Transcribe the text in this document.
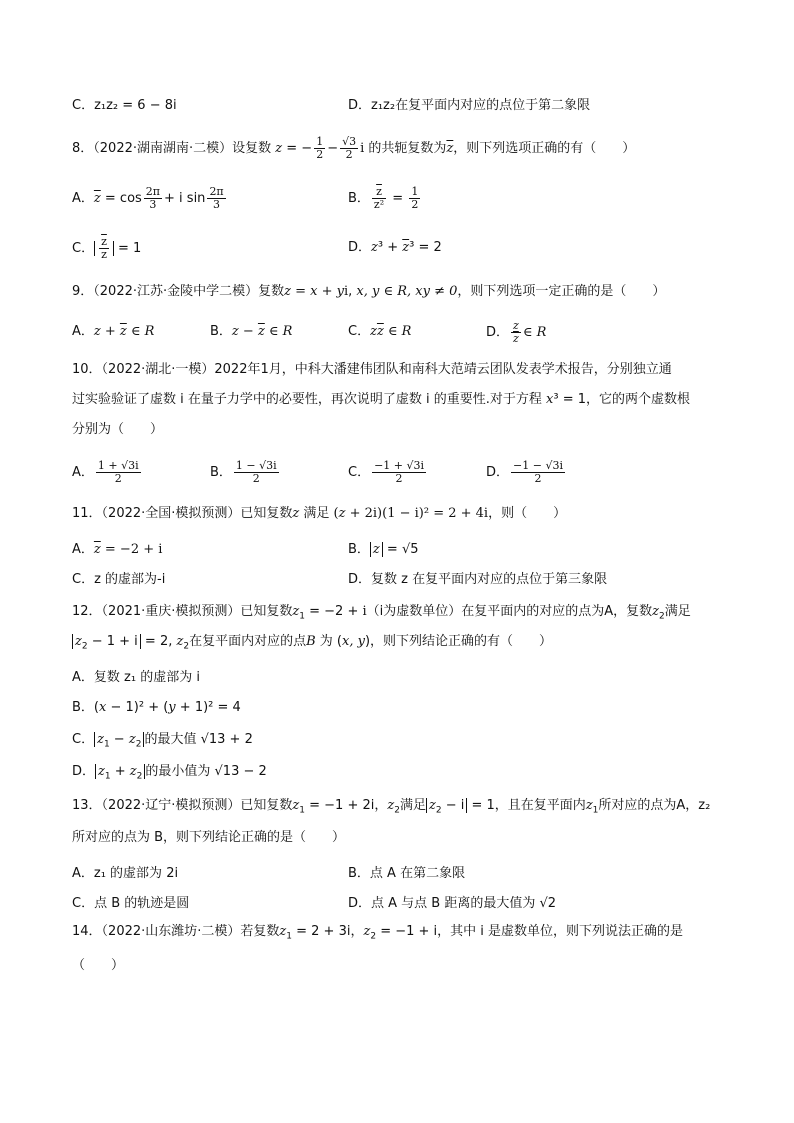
C．z₁z₂ = 6 − 8i	D．z₁z₂在复平面内对应的点位于第二象限
8．（2022·湖南湖南·二模）设复数 z = − $\frac{1}{2} - \frac{√3}{2}$ i 的共轭复数为$\overline{z}$，则下列选项正确的有（　　）
A．$\overline{z} = \cos \frac{2\pi}{3} + i$ $\sin \frac{2\pi}{3}$	B． $\frac{\overline{z}}{\text{z²}} = \frac{1}{2}$
C． $\frac{\overline{z}}{z} = 1$	D．$z^3 + \overline{z}^3 = 2$
9．（2022·江苏·金陵中学二模）复数z = x + yi, x, y ∈ R, xy ≠ 0，则下列选项一定正确的是（　　）
A．$z + \overline{z}$ ∈ R	B．$z - \overline{z}$ ∈ R	C．$z\overline{z}$ ∈ R	D． $\frac{z}{z}$ ∈ R
10．（2022·湖北·一模）2022年1月，中科大潘建伟团队和南科大范靖云团队发表学术报告，分别独立通
过实验验证了虚数 i 在量子力学中的必要性，再次说明了虚数 i 的重要性.对于方程 x³ = 1，它的两个虚数根
分别为（　　）
A． $\frac{1 + √3i}{2}$	B． $\frac{1 - √3i}{2}$	C． $\frac{-1 + √3i}{2}$	D． $\frac{-1 - √3i}{2}$
11．（2022·全国·模拟预测）已知复数z 满足 (z + 2i)(1 − i)² = 2 + 4i，则（　　）
A．$\overline{z} = -2 + i$	B． z = √5
C．z 的虚部为-i	D．复数 z 在复平面内对应的点位于第三象限
12．（2021·重庆·模拟预测）已知复数$z_1 = -2 + i(i$为虚数单位）在复平面内的对应的点为A，复数$z_2$满足
$z_2 - 1 + i = 2$, $z_2$在复平面内对应的点B 为 (x, y)，则下列结论正确的有（　　）
A．复数 z₁ 的虚部为 i
B．(x − 1)² + (y + 1)² = 4
C． $z_1 - z_2$ 的最大值 √13 + 2
D． $z_1 + z_2$ 的最小值为 √13 − 2
13．（2022·辽宁·模拟预测）已知复数$z_1 = -1 + 2i$，$z_2$满足 $z_2 - i = 1$，且在复平面内$z_1$所对应的点为A，z₂
所对应的点为 B，则下列结论正确的是（　　）
A．z₁ 的虚部为 2i	B．点 A 在第二象限
C．点 B 的轨迹是圆	D．点 A 与点 B 距离的最大值为 √2
14．（2022·山东潍坊·二模）若复数$z_1 = 2 + 3i$，$z_2 = -1 + i$，其中 i 是虚数单位，则下列说法正确的是
（　　）
